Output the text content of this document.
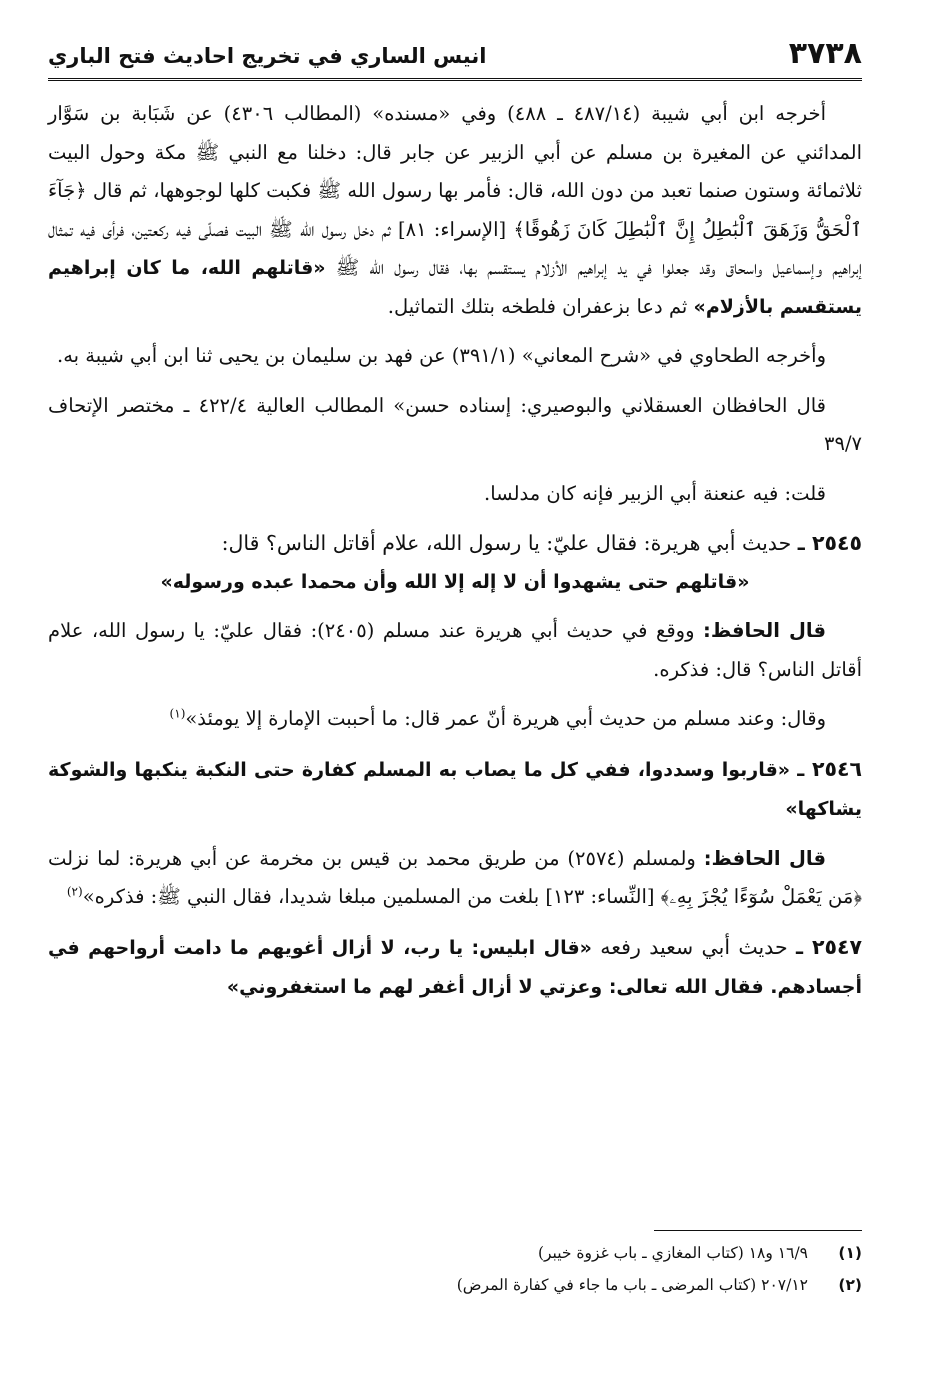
٣٧٣٨
انيس الساري في تخريج احاديث فتح الباري

أخرجه ابن أبي شيبة (٤٨٧/١٤ ـ ٤٨٨) وفي «مسنده» (المطالب ٤٣٠٦) عن شَبَابة بن سَوَّار المدائني عن المغيرة بن مسلم عن أبي الزبير عن جابر قال: دخلنا مع النبي ﷺ مكة وحول البيت ثلاثمائة وستون صنما تعبد من دون الله، قال: فأمر بها رسول الله ﷺ فكبت كلها لوجوهها، ثم قال ﴿جَآءَ ٱلْحَقُّ وَزَهَقَ ٱلْبَٰطِلُ إِنَّ ٱلْبَٰطِلَ كَانَ زَهُوقًا﴾ [الإسراء: ٨١] ثم دخل رسول الله ﷺ البيت فصلّى فيه ركعتين، فرأى فيه تمثال إبراهيم وإسماعيل واسحاق وقد جعلوا في يد إبراهيم الأزلام يستقسم بها، فقال رسول الله ﷺ «قاتلهم الله، ما كان إبراهيم يستقسم بالأزلام» ثم دعا بزعفران فلطخه بتلك التماثيل.

وأخرجه الطحاوي في «شرح المعاني» (٣٩١/١) عن فهد بن سليمان بن يحيى ثنا ابن أبي شيبة به.

قال الحافظان العسقلاني والبوصيري: إسناده حسن» المطالب العالية ٤٢٢/٤ ـ مختصر الإتحاف ٣٩/٧

قلت: فيه عنعنة أبي الزبير فإنه كان مدلسا.

٢٥٤٥ ـ حديث أبي هريرة: فقال عليّ: يا رسول الله، علام أقاتل الناس؟ قال:
«قاتلهم حتى يشهدوا أن لا إله إلا الله وأن محمدا عبده ورسوله»

قال الحافظ: ووقع في حديث أبي هريرة عند مسلم (٢٤٠٥): فقال عليّ: يا رسول الله، علام أقاتل الناس؟ قال: فذكره.

وقال: وعند مسلم من حديث أبي هريرة أنّ عمر قال: ما أحببت الإمارة إلا يومئذ»$^{(١)}$

٢٥٤٦ ـ «قاربوا وسددوا، ففي كل ما يصاب به المسلم كفارة حتى النكبة ينكبها والشوكة يشاكها»

قال الحافظ: ولمسلم (٢٥٧٤) من طريق محمد بن قيس بن مخرمة عن أبي هريرة: لما نزلت ﴿مَن يَعْمَلْ سُوٓءًا يُجْزَ بِهِۦ﴾ [النِّساء: ١٢٣] بلغت من المسلمين مبلغا شديدا، فقال النبي ﷺ: فذكره»$^{(٢)}$

٢٥٤٧ ـ حديث أبي سعيد رفعه «قال ابليس: يا رب، لا أزال أغويهم ما دامت أرواحهم في أجسادهم. فقال الله تعالى: وعزتي لا أزال أغفر لهم ما استغفروني»

(١)
١٦/٩ و١٨ (كتاب المغازي ـ باب غزوة خيبر)
(٢)
٢٠٧/١٢ (كتاب المرضى ـ باب ما جاء في كفارة المرض)
